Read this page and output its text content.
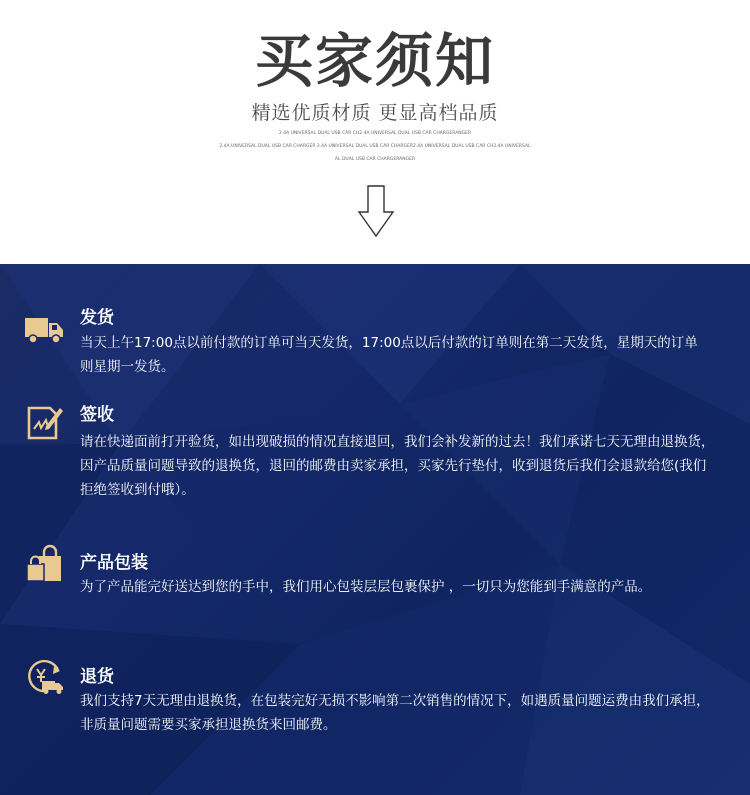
买家须知
精选优质材质 更显高档品质
2.4A UNIVERSAL DUAL USB CAR CH2.4A UNIVERSAL DUAL USB CAR CHARGERANGER
2.4A UNIVERSAL DUAL USB CAR CHARGER 2.4A UNIVERSAL DUAL USB CAR CHARGER2.4A UNIVERSAL DUAL USB CAR CH2.4A UNIVERSAL
AL DUAL USB CAR CHARGERANGER
发货
当天上午17:00点以前付款的订单可当天发货，17:00点以后付款的订单则在第二天发货，星期天的订单
则星期一发货。
签收
请在快递面前打开验货，如出现破损的情况直接退回，我们会补发新的过去！我们承诺七天无理由退换货，
因产品质量问题导致的退换货，退回的邮费由卖家承担，买家先行垫付，收到退货后我们会退款给您(我们
拒绝签收到付哦）。
产品包装
为了产品能完好送达到您的手中，我们用心包装层层包裹保护 ，一切只为您能到手满意的产品。
退货
我们支持7天无理由退换货，在包装完好无损不影响第二次销售的情况下，如遇质量问题运费由我们承担，
非质量问题需要买家承担退换货来回邮费。
